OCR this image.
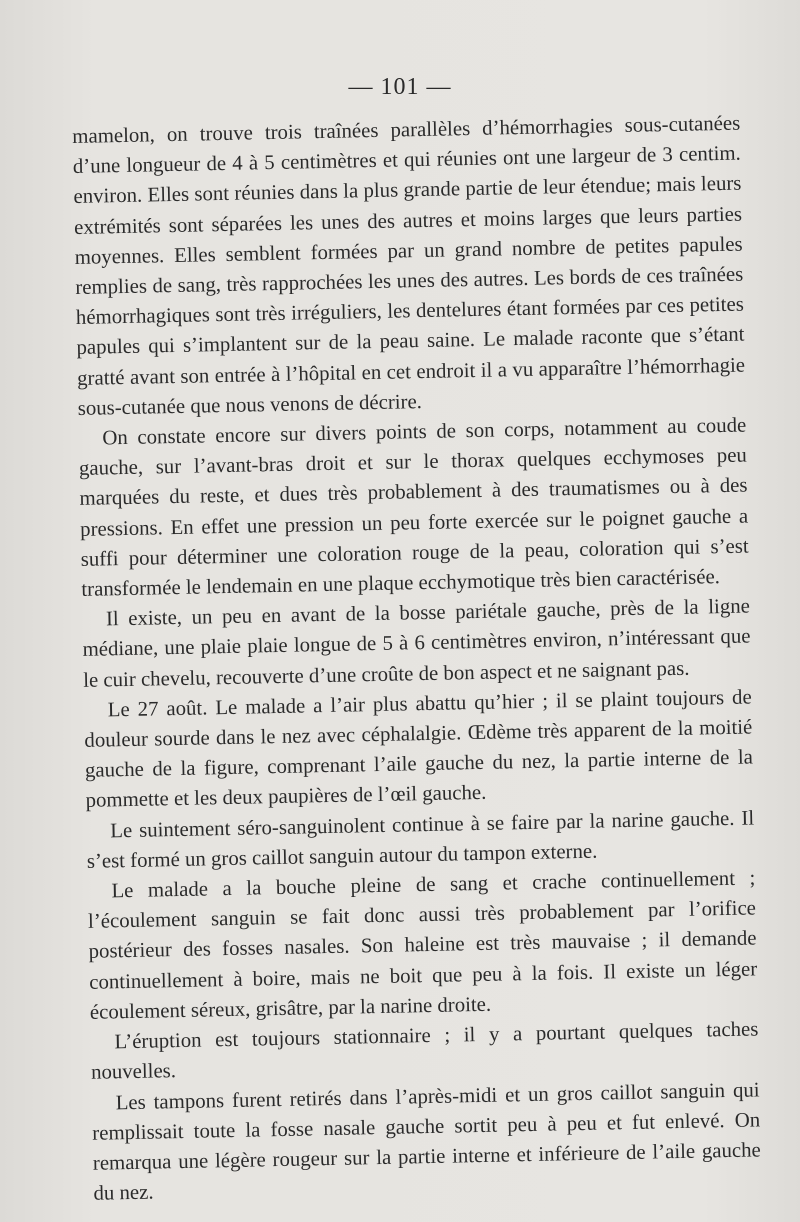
— 101 —

mamelon, on trouve trois traînées parallèles d’hémorrhagies sous-cutanées d’une longueur de 4 à 5 centimètres et qui réunies ont une largeur de 3 centim. environ. Elles sont réunies dans la plus grande partie de leur étendue; mais leurs extrémités sont séparées les unes des autres et moins larges que leurs parties moyennes. Elles semblent formées par un grand nombre de petites papules remplies de sang, très rapprochées les unes des autres. Les bords de ces traînées hémorrhagiques sont très irréguliers, les dentelures étant formées par ces petites papules qui s’implantent sur de la peau saine. Le malade raconte que s’étant gratté avant son entrée à l’hôpital en cet endroit il a vu apparaître l’hémorrhagie sous-cutanée que nous venons de décrire.

On constate encore sur divers points de son corps, notamment au coude gauche, sur l’avant-bras droit et sur le thorax quelques ecchymoses peu marquées du reste, et dues très probablement à des traumatismes ou à des pressions. En effet une pression un peu forte exercée sur le poignet gauche a suffi pour déterminer une coloration rouge de la peau, coloration qui s’est transformée le lendemain en une plaque ecchymotique très bien caractérisée.

Il existe, un peu en avant de la bosse pariétale gauche, près de la ligne médiane, une plaie plaie longue de 5 à 6 centimètres environ, n’intéressant que le cuir chevelu, recouverte d’une croûte de bon aspect et ne saignant pas.

Le 27 août. Le malade a l’air plus abattu qu’hier ; il se plaint toujours de douleur sourde dans le nez avec céphalalgie. Œdème très apparent de la moitié gauche de la figure, comprenant l’aile gauche du nez, la partie interne de la pommette et les deux paupières de l’œil gauche.

Le suintement séro-sanguinolent continue à se faire par la narine gauche. Il s’est formé un gros caillot sanguin autour du tampon externe.

Le malade a la bouche pleine de sang et crache continuellement ; l’écoulement sanguin se fait donc aussi très probablement par l’orifice postérieur des fosses nasales. Son haleine est très mauvaise ; il demande continuellement à boire, mais ne boit que peu à la fois. Il existe un léger écoulement séreux, grisâtre, par la narine droite.

L’éruption est toujours stationnaire ; il y a pourtant quelques taches nouvelles.

Les tampons furent retirés dans l’après-midi et un gros caillot sanguin qui remplissait toute la fosse nasale gauche sortit peu à peu et fut enlevé. On remarqua une légère rougeur sur la partie interne et inférieure de l’aile gauche du nez.
